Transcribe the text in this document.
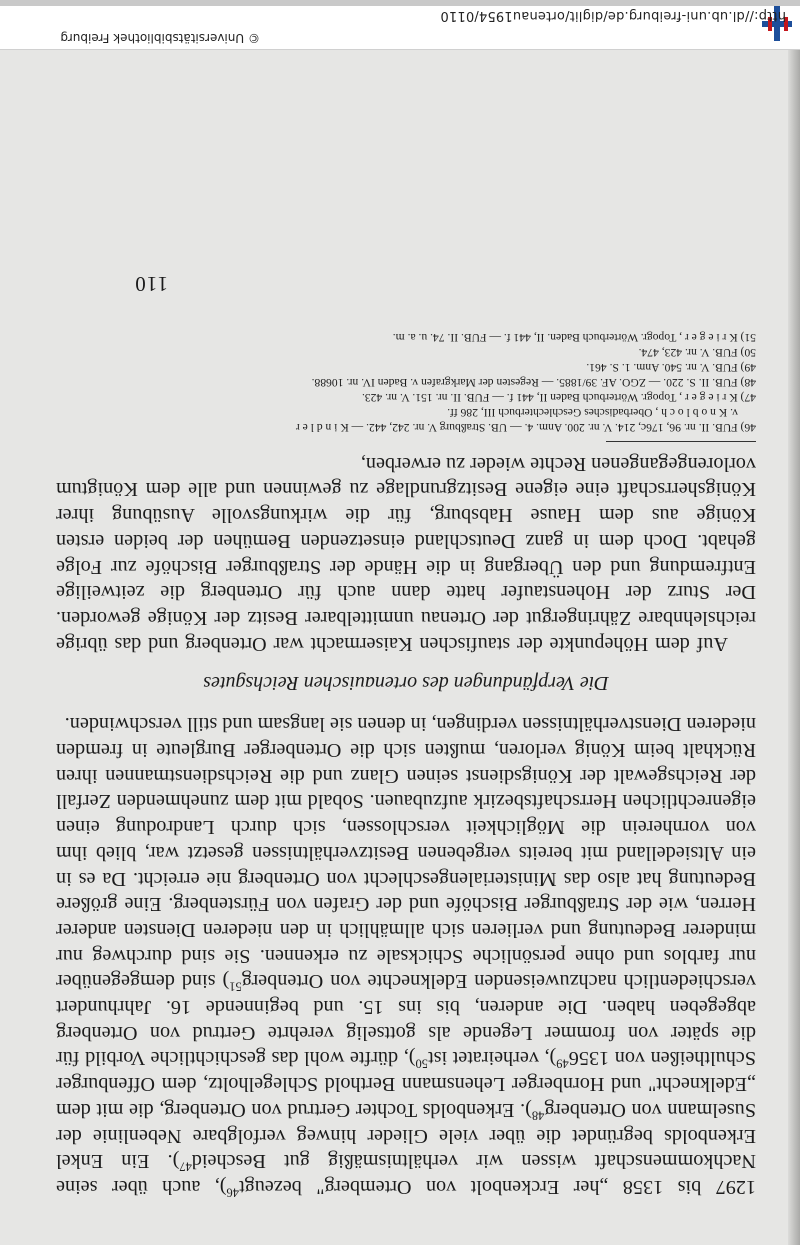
1297 bis 1358 „her Erckenbolt von Ortemberg" bezeugt$^{46}$), auch über seine Nachkommenschaft wissen wir verhältnismäßig gut Bescheid$^{47}$). Ein Enkel Erkenbolds begründet die über viele Glieder hinweg verfolgbare Nebenlinie der Suselmann von Ortenberg$^{48}$). Erkenbolds Tochter Gertrud von Ortenberg, die mit dem „Edelknecht" und Hornberger Lehensmann Berthold Schlegelholtz, dem Offenburger Schultheißen von 1356$^{49}$), verheiratet ist$^{50}$), dürfte wohl das geschichtliche Vorbild für die später von frommer Legende als gottselig verehrte Gertrud von Ortenberg abgegeben haben. Die anderen, bis ins 15. und beginnende 16. Jahrhundert verschiedentlich nachzuweisenden Edelknechte von Ortenberg$^{51}$) sind demgegenüber nur farblos und ohne persönliche Schicksale zu erkennen. Sie sind durchweg nur minderer Bedeutung und verlieren sich allmählich in den niederen Diensten anderer Herren, wie der Straßburger Bischöfe und der Grafen von Fürstenberg. Eine größere Bedeutung hat also das Ministerialengeschlecht von Ortenberg nie erreicht. Da es in ein Altsiedelland mit bereits vergebenen Besitzverhältnissen gesetzt war, blieb ihm von vornherein die Möglichkeit verschlossen, sich durch Landrodung einen eigenrechtlichen Herrschaftsbezirk aufzubauen. Sobald mit dem zunehmenden Zerfall der Reichsgewalt der Königsdienst seinen Glanz und die Reichsdienstmannen ihren Rückhalt beim König verloren, mußten sich die Ortenberger Burgleute in fremden niederen Dienstverhältnissen verdingen, in denen sie langsam und still verschwinden.

Die Verpfändungen des ortenauischen Reichsgutes

Auf dem Höhepunkte der staufischen Kaisermacht war Ortenberg und das übrige reichslehnbare Zähringergut der Ortenau unmittelbarer Besitz der Könige geworden. Der Sturz der Hohenstaufer hatte dann auch für Ortenberg die zeitweilige Entfremdung und den Übergang in die Hände der Straßburger Bischöfe zur Folge gehabt. Doch dem in ganz Deutschland einsetzenden Bemühen der beiden ersten Könige aus dem Hause Habsburg, für die wirkungsvolle Ausübung ihrer Königsherrschaft eine eigene Besitzgrundlage zu gewinnen und alle dem Königtum vorlorengegangenen Rechte wieder zu erwerben,

46) FUB. II. nr. 96, 176c, 214. V. nr. 200. Anm. 4. — UB. Straßburg V. nr. 242, 442. — K i n d l e r
v. K n o b l o c h , Oberbadisches Geschlechterbuch III, 286 ff.
47) K r i e g e r , Topogr. Wörterbuch Baden II, 441 f. — FUB. II. nr. 151. V. nr. 423.
48) FUB. II. S. 220. — ZGO. AF. 39/1885. — Regesten der Markgrafen v. Baden IV. nr. 10688.
49) FUB. V. nr. 540. Anm. 1. S. 461.
50) FUB. V. nr. 423, 474.
51) K r i e g e r , Topogr. Wörterbuch Baden. II, 441 f. — FUB. II. 74. u. a. m.
110
© Universitätsbibliothek Freiburg
http://dl.ub.uni-freiburg.de/diglit/ortenau1954/0110
